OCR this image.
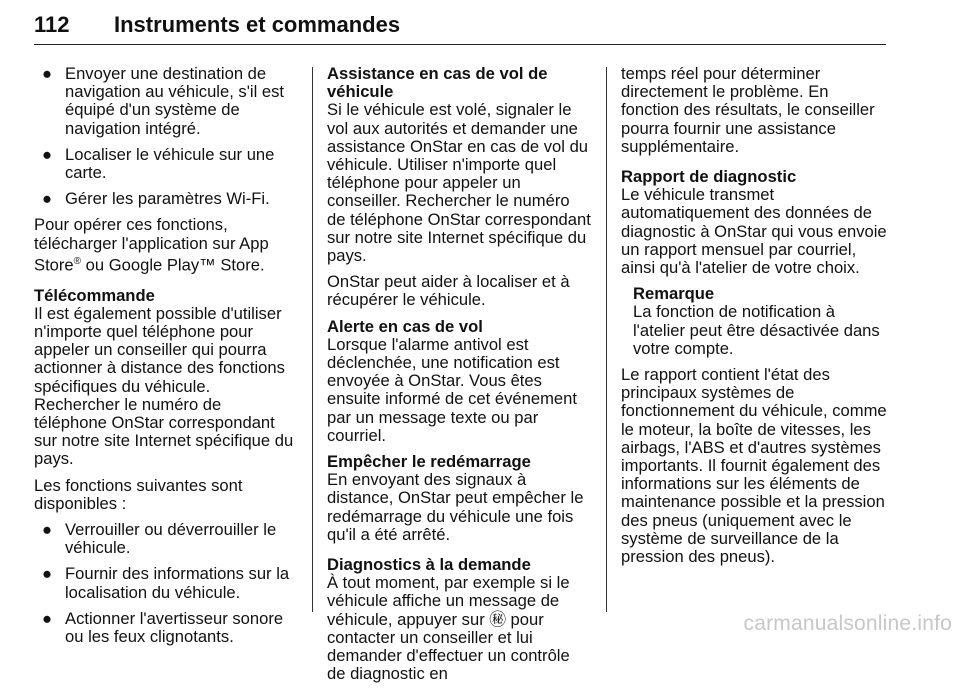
112 Instruments et commandes
● Envoyer une destination de navigation au véhicule, s'il est équipé d'un système de navigation intégré.
● Localiser le véhicule sur une carte.
● Gérer les paramètres Wi-Fi.

Pour opérer ces fonctions, télécharger l'application sur App Store® ou Google Play™ Store.

Télécommande

Il est également possible d'utiliser n'importe quel téléphone pour appeler un conseiller qui pourra actionner à distance des fonctions spécifiques du véhicule. Rechercher le numéro de téléphone OnStar correspondant sur notre site Internet spécifique du pays.

Les fonctions suivantes sont disponibles :

● Verrouiller ou déverrouiller le véhicule.
● Fournir des informations sur la localisation du véhicule.
● Actionner l'avertisseur sonore ou les feux clignotants.

Assistance en cas de vol de véhicule

Si le véhicule est volé, signaler le vol aux autorités et demander une assistance OnStar en cas de vol du véhicule. Utiliser n'importe quel téléphone pour appeler un conseiller. Rechercher le numéro de téléphone OnStar correspondant sur notre site Internet spécifique du pays.

OnStar peut aider à localiser et à récupérer le véhicule.

Alerte en cas de vol

Lorsque l'alarme antivol est déclenchée, une notification est envoyée à OnStar. Vous êtes ensuite informé de cet événement par un message texte ou par courriel.

Empêcher le redémarrage

En envoyant des signaux à distance, OnStar peut empêcher le redémarrage du véhicule une fois qu'il a été arrêté.

Diagnostics à la demande

À tout moment, par exemple si le véhicule affiche un message de véhicule, appuyer sur ㊙ pour contacter un conseiller et lui demander d'effectuer un contrôle de diagnostic en

temps réel pour déterminer directement le problème. En fonction des résultats, le conseiller pourra fournir une assistance supplémentaire.

Rapport de diagnostic

Le véhicule transmet automatiquement des données de diagnostic à OnStar qui vous envoie un rapport mensuel par courriel, ainsi qu'à l'atelier de votre choix.

Remarque

La fonction de notification à l'atelier peut être désactivée dans votre compte.

Le rapport contient l'état des principaux systèmes de fonctionnement du véhicule, comme le moteur, la boîte de vitesses, les airbags, l'ABS et d'autres systèmes importants. Il fournit également des informations sur les éléments de maintenance possible et la pression des pneus (uniquement avec le système de surveillance de la pression des pneus).

carmanualsonline.info
